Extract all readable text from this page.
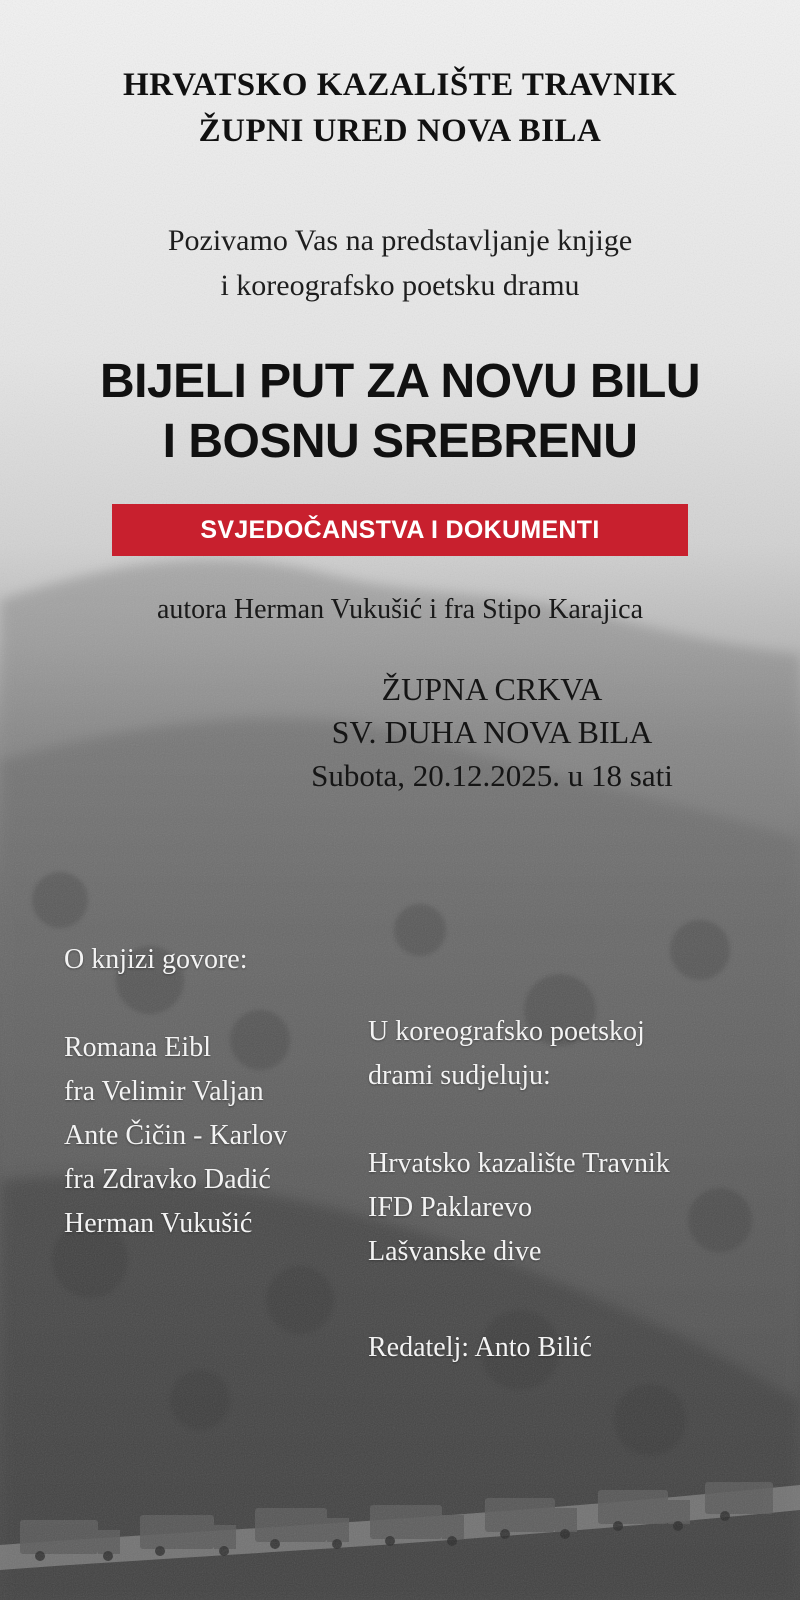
HRVATSKO KAZALIŠTE TRAVNIK
ŽUPNI URED NOVA BILA
Pozivamo Vas na predstavljanje knjige
i koreografsko poetsku dramu
BIJELI PUT ZA NOVU BILU
I BOSNU SREBRENU
SVJEDOČANSTVA I DOKUMENTI
autora Herman Vukušić i fra Stipo Karajica
ŽUPNA CRKVA
SV. DUHA NOVA BILA
Subota, 20.12.2025. u 18 sati
O knjizi govore:
Romana Eibl
fra Velimir Valjan
Ante Čičin - Karlov
fra Zdravko Dadić
Herman Vukušić
U koreografsko poetskoj
drami sudjeluju:
Hrvatsko kazalište Travnik
IFD Paklarevo
Lašvanske dive
Redatelj: Anto Bilić
